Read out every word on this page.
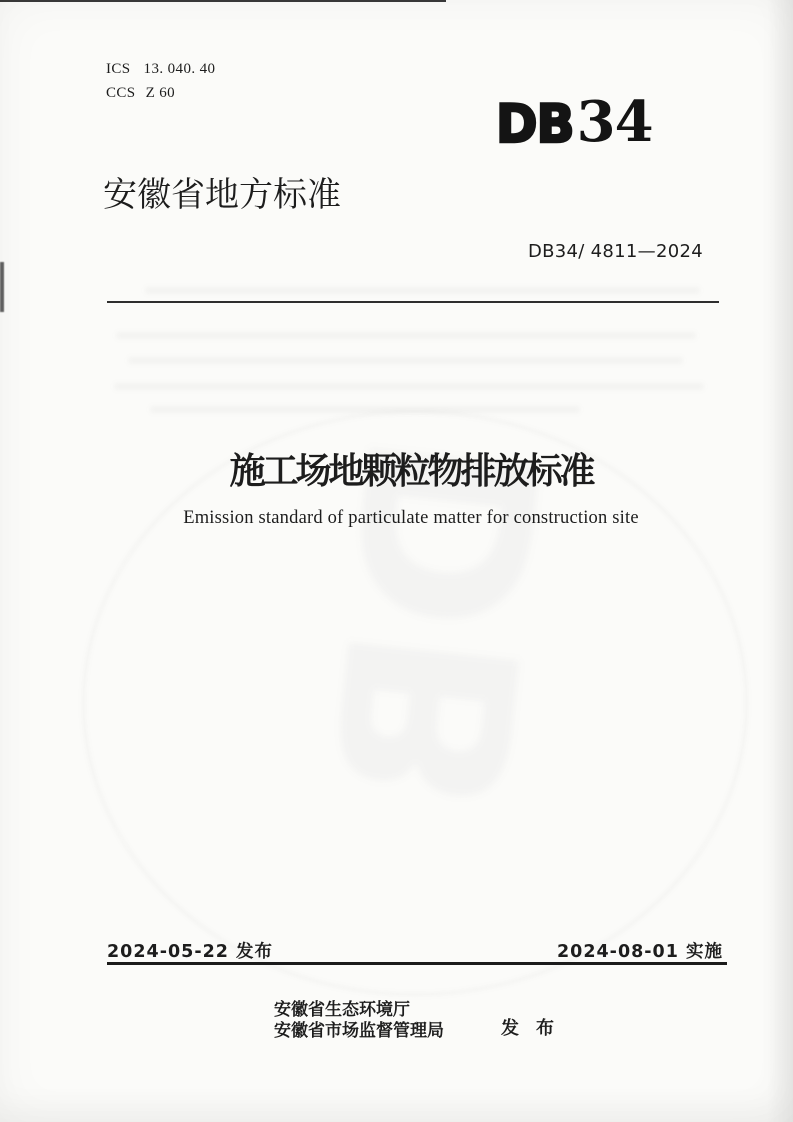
ICS 13. 040. 40
CCS Z 60
DB 34
安徽省地方标准
DB34/ 4811—2024
施工场地颗粒物排放标准
Emission standard of particulate matter for construction site
2024-05-22 发布	2024-08-01 实施
安徽省生态环境厅
安徽省市场监督管理局	发 布
